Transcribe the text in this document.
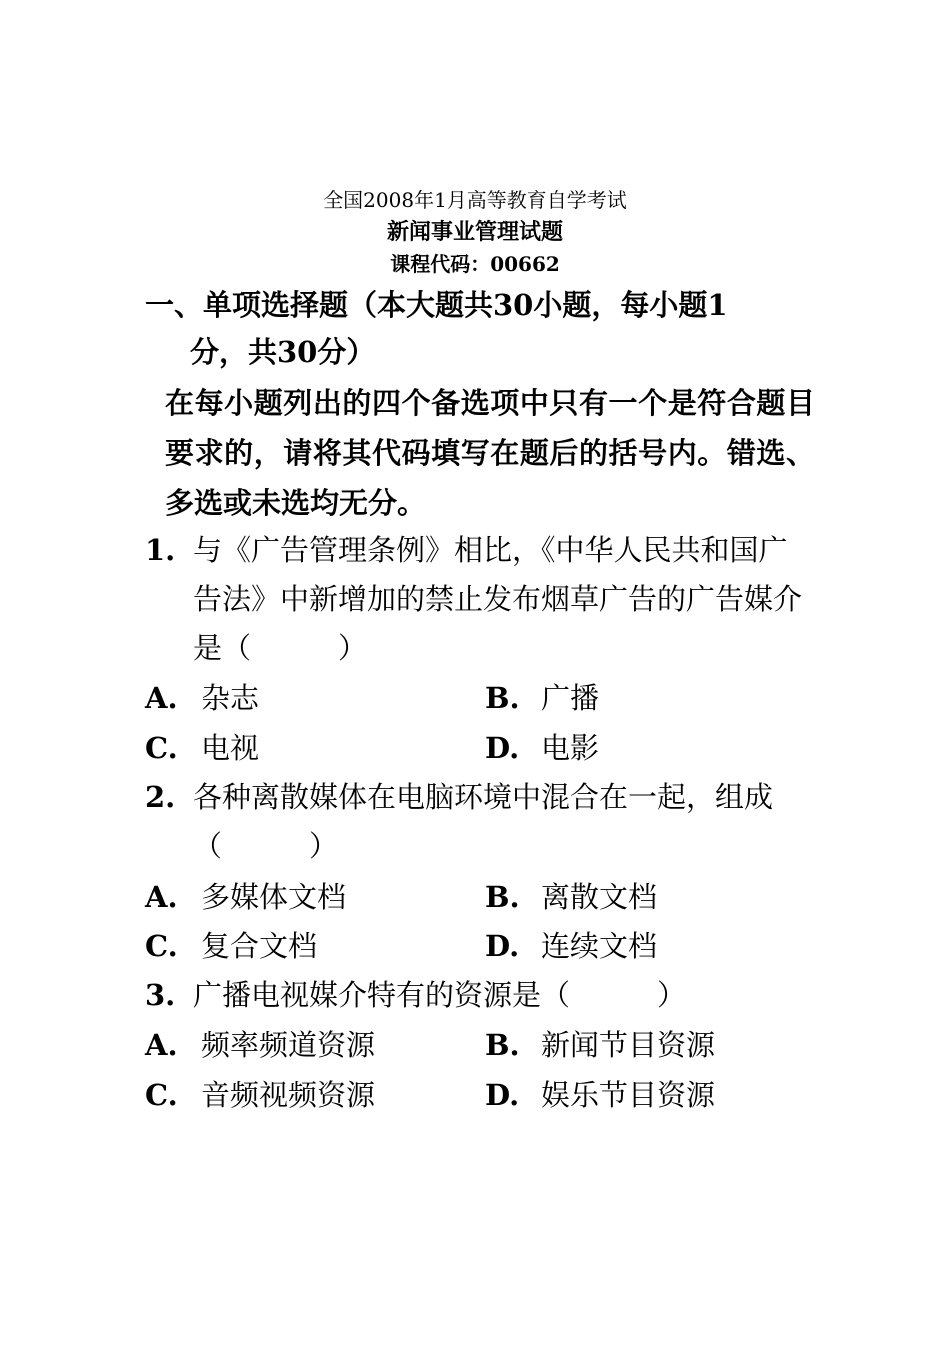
全国2008年1月高等教育自学考试
新闻事业管理试题
课程代码：00662
一、单项选择题（本大题共30小题，每小题1
分，共30分）
在每小题列出的四个备选项中只有一个是符合题目要求的，请将其代码填写在题后的括号内。错选、多选或未选均无分。
1. 与《广告管理条例》相比，《中华人民共和国广告法》中新增加的禁止发布烟草广告的广告媒介是（　　　）
A. 杂志	B. 广播
C. 电视	D. 电影
2. 各种离散媒体在电脑环境中混合在一起，组成（　　　）
A. 多媒体文档	B. 离散文档
C. 复合文档	D. 连续文档
3. 广播电视媒介特有的资源是（　　　）
A. 频率频道资源	B. 新闻节目资源
C. 音频视频资源	D. 娱乐节目资源
